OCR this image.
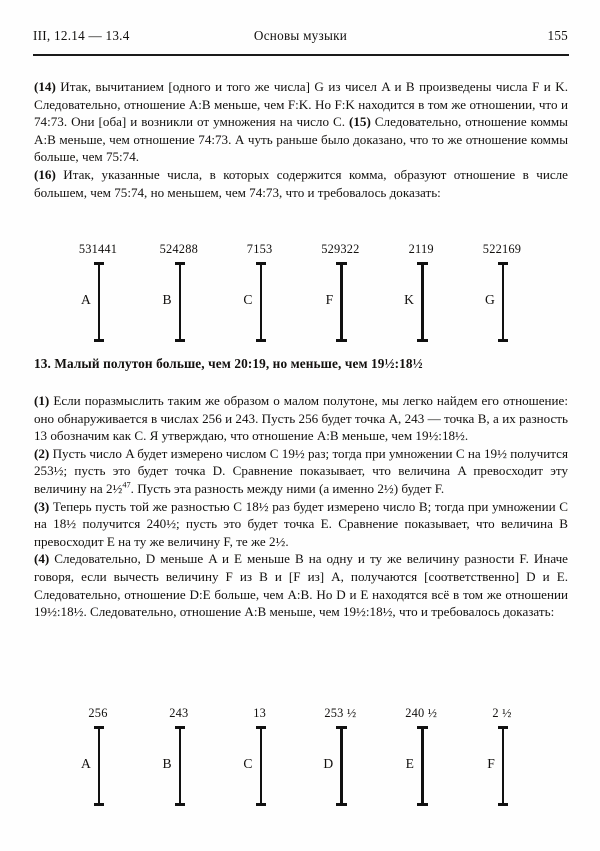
III, 12.14 — 13.4	Основы музыки	155

(14) Итак, вычитанием [одного и того же числа] G из чисел A и B произведены числа F и K. Следовательно, отношение A:B меньше, чем F:K. Но F:K находится в том же отношении, что и 74:73. Они [оба] и возникли от умножения на число C. (15) Следовательно, отношение коммы A:B меньше, чем отношение 74:73. А чуть раньше было доказано, что то же отношение коммы больше, чем 75:74.

(16) Итак, указанные числа, в которых содержится комма, образуют отношение в числе большем, чем 75:74, но меньшем, чем 74:73, что и требовалось доказать:

531441
A
524288
B
7153
C
529322
F
2119
K
522169
G
13. Малый полутон больше, чем 20:19, но меньше, чем 19½:18½

(1) Если поразмыслить таким же образом о малом полутоне, мы легко найдем его отношение: оно обнаруживается в числах 256 и 243. Пусть 256 будет точка A, 243 — точка B, а их разность 13 обозначим как C. Я утверждаю, что отношение A:B меньше, чем 19½:18½.

(2) Пусть число A будет измерено числом C 19½ раз; тогда при умножении C на 19½ получится 253½; пусть это будет точка D. Сравнение показывает, что величина A превосходит эту величину на 2½$^{47}$. Пусть эта разность между ними (а именно 2½) будет F.

(3) Теперь пусть той же разностью C 18½ раз будет измерено число B; тогда при умножении C на 18½ получится 240½; пусть это будет точка E. Сравнение показывает, что величина B превосходит E на ту же величину F, те же 2½.

(4) Следовательно, D меньше A и E меньше B на одну и ту же величину разности F. Иначе говоря, если вычесть величину F из B и [F из] A, получаются [соответственно] D и E. Следовательно, отношение D:E больше, чем A:B. Но D и E находятся всё в том же отношении 19½:18½. Следовательно, отношение A:B меньше, чем 19½:18½, что и требовалось доказать:

256
A
243
B
13
C
253 ½
D
240 ½
E
2 ½
F
